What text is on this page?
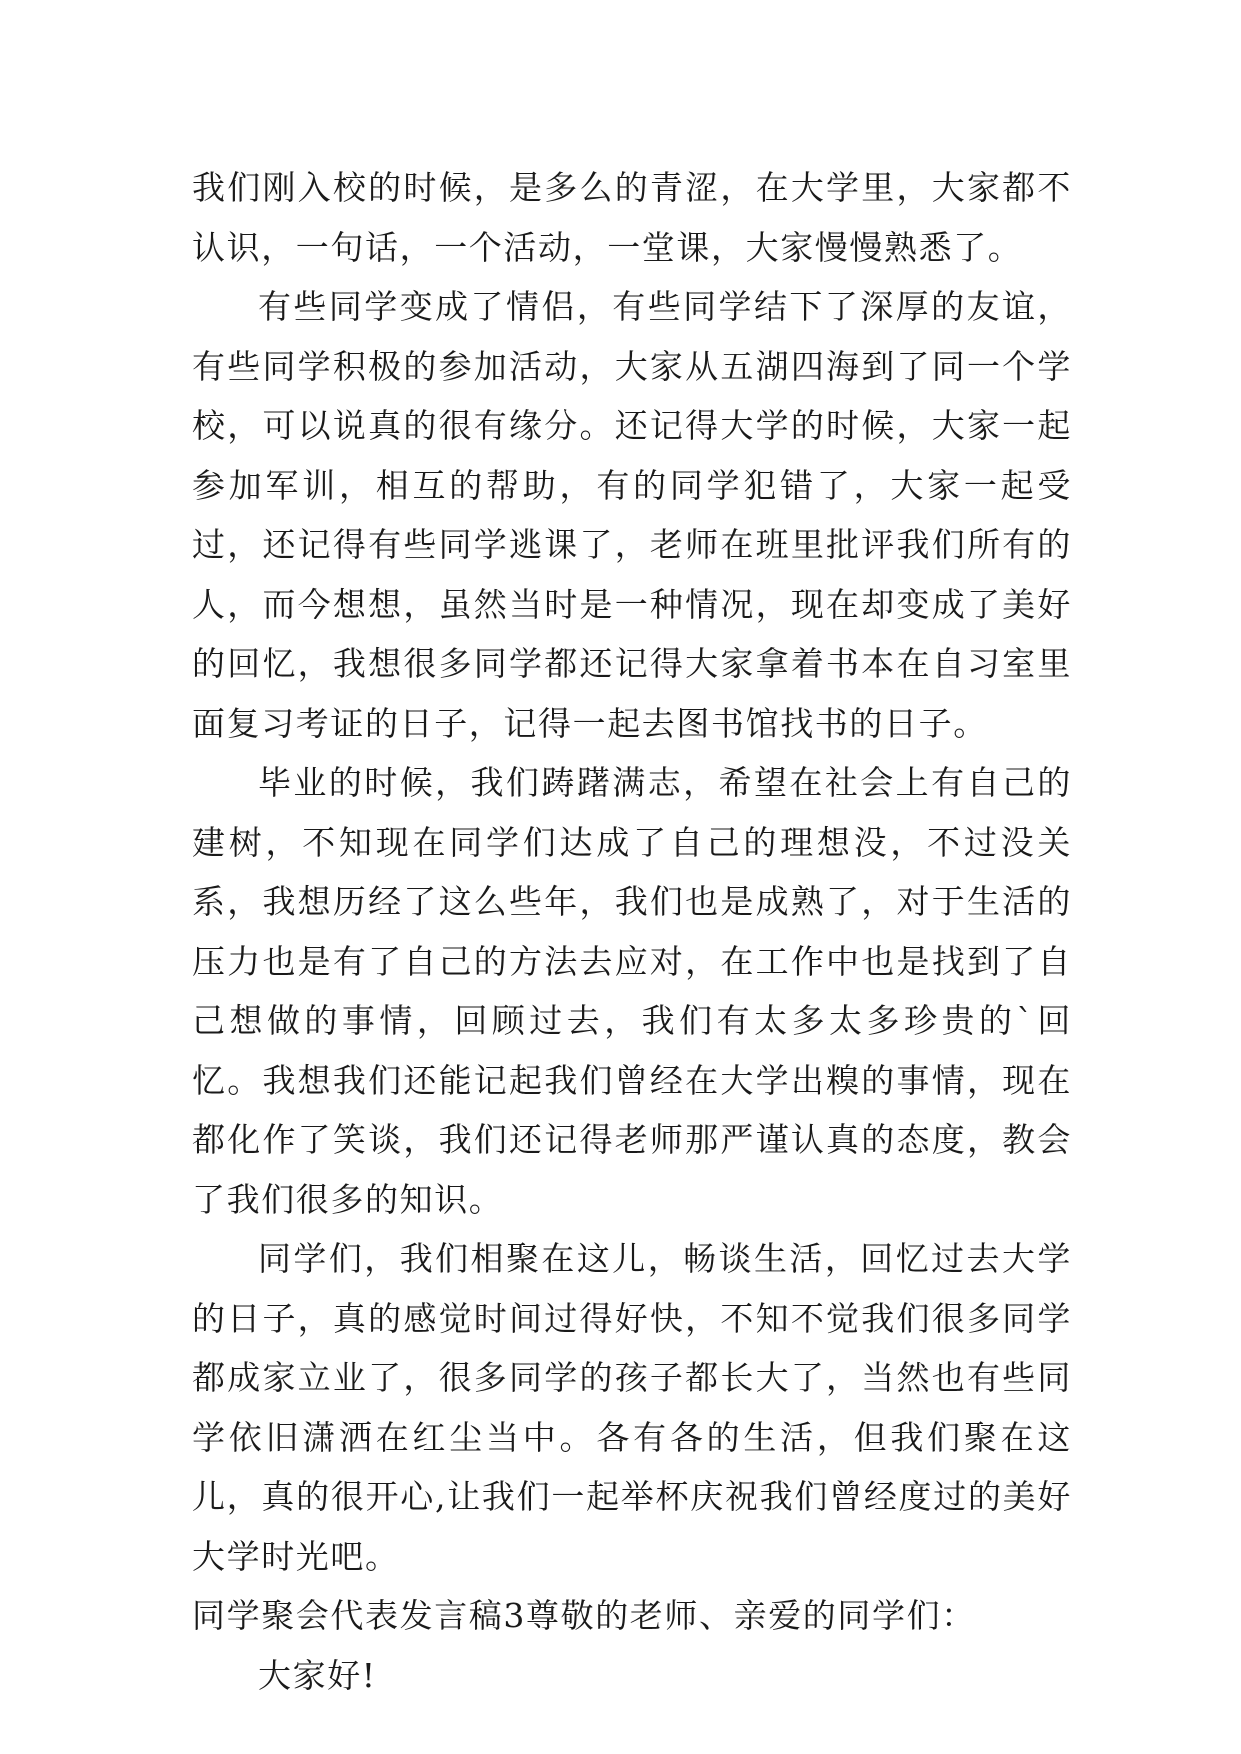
我们刚入校的时候，是多么的青涩，在大学里，大家都不认识，一句话，一个活动，一堂课，大家慢慢熟悉了。

有些同学变成了情侣，有些同学结下了深厚的友谊，有些同学积极的参加活动，大家从五湖四海到了同一个学校，可以说真的很有缘分。还记得大学的时候，大家一起参加军训，相互的帮助，有的同学犯错了，大家一起受过，还记得有些同学逃课了，老师在班里批评我们所有的人，而今想想，虽然当时是一种情况，现在却变成了美好的回忆，我想很多同学都还记得大家拿着书本在自习室里面复习考证的日子，记得一起去图书馆找书的日子。

毕业的时候，我们踌躇满志，希望在社会上有自己的建树，不知现在同学们达成了自己的理想没，不过没关系，我想历经了这么些年，我们也是成熟了，对于生活的压力也是有了自己的方法去应对，在工作中也是找到了自己想做的事情，回顾过去，我们有太多太多珍贵的`回忆。我想我们还能记起我们曾经在大学出糗的事情，现在都化作了笑谈，我们还记得老师那严谨认真的态度，教会了我们很多的知识。

同学们，我们相聚在这儿，畅谈生活，回忆过去大学的日子，真的感觉时间过得好快，不知不觉我们很多同学都成家立业了，很多同学的孩子都长大了，当然也有些同学依旧潇洒在红尘当中。各有各的生活，但我们聚在这儿，真的很开心,让我们一起举杯庆祝我们曾经度过的美好大学时光吧。

同学聚会代表发言稿3尊敬的老师、亲爱的同学们：

大家好!
